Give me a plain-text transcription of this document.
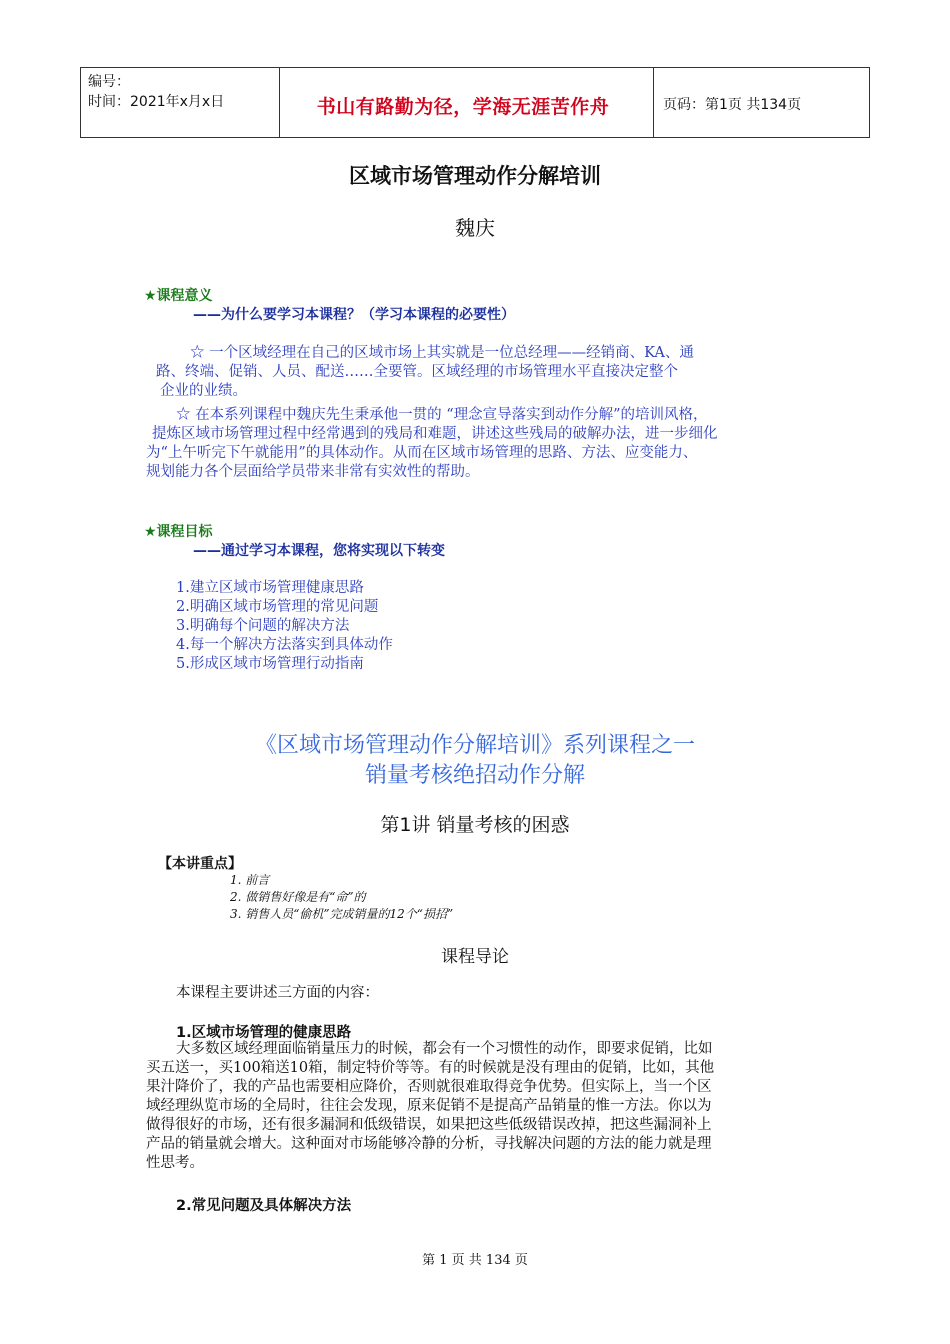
编号：
时间：2021年x月x日	书山有路勤为径，学海无涯苦作舟	页码：第1页 共134页
区域市场管理动作分解培训
魏庆
★课程意义
——为什么要学习本课程？（学习本课程的必要性）
☆ 一个区域经理在自己的区域市场上其实就是一位总经理——经销商、KA、通
路、终端、促销、人员、配送……全要管。区域经理的市场管理水平直接决定整个
企业的业绩。
☆ 在本系列课程中魏庆先生秉承他一贯的 “理念宣导落实到动作分解”的培训风格，
提炼区域市场管理过程中经常遇到的残局和难题，讲述这些残局的破解办法，进一步细化
为“上午听完下午就能用”的具体动作。从而在区域市场管理的思路、方法、应变能力、
规划能力各个层面给学员带来非常有实效性的帮助。
★课程目标
——通过学习本课程，您将实现以下转变
1.建立区域市场管理健康思路
2.明确区域市场管理的常见问题
3.明确每个问题的解决方法
4.每一个解决方法落实到具体动作
5.形成区域市场管理行动指南
《区域市场管理动作分解培训》系列课程之一
销量考核绝招动作分解
第1讲 销量考核的困惑
【本讲重点】
1. 前言
2. 做销售好像是有“命”的
3. 销售人员“偷机”完成销量的12个“损招”
课程导论
本课程主要讲述三方面的内容：
1.区域市场管理的健康思路
大多数区域经理面临销量压力的时候，都会有一个习惯性的动作，即要求促销，比如
买五送一，买100箱送10箱，制定特价等等。有的时候就是没有理由的促销，比如，其他
果汁降价了，我的产品也需要相应降价，否则就很难取得竞争优势。但实际上，当一个区
域经理纵览市场的全局时，往往会发现，原来促销不是提高产品销量的惟一方法。你以为
做得很好的市场，还有很多漏洞和低级错误，如果把这些低级错误改掉，把这些漏洞补上
产品的销量就会增大。这种面对市场能够冷静的分析，寻找解决问题的方法的能力就是理
性思考。
2.常见问题及具体解决方法
第 1 页 共 134 页
